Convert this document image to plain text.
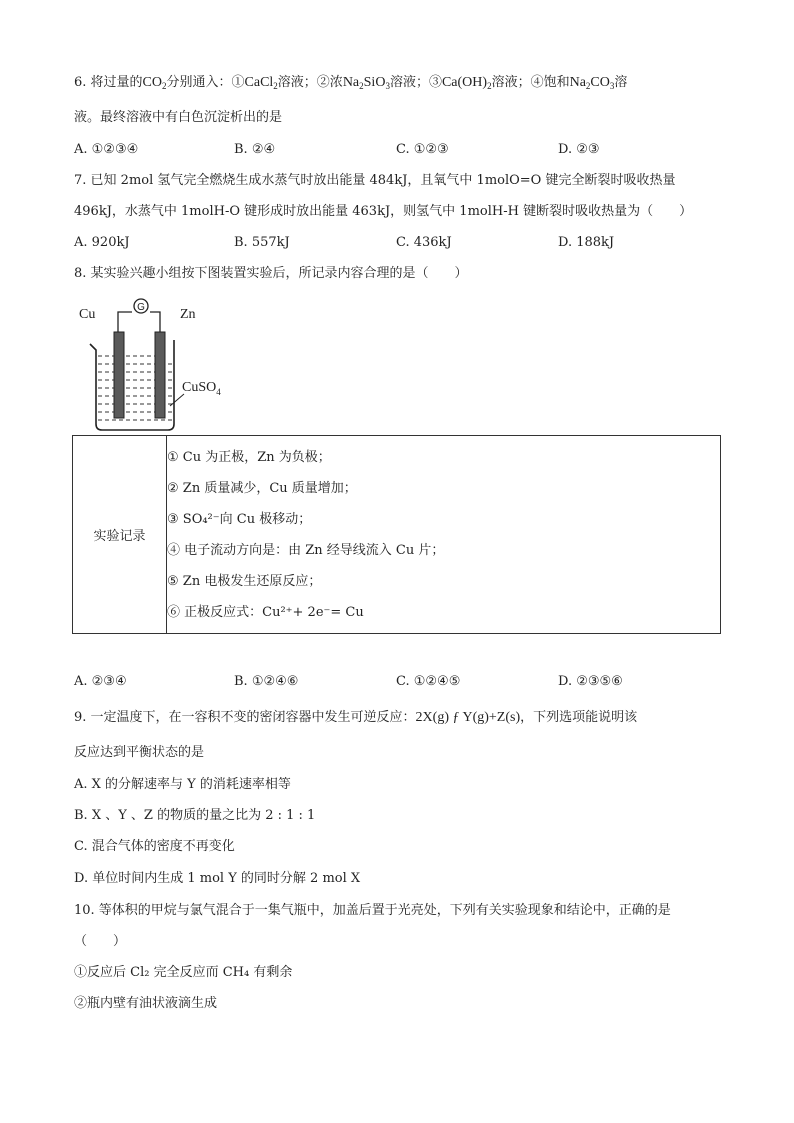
6. 将过量的$CO_2$分别通入：①CaCl$_2$溶液；②浓$Na_2SiO_3$溶液；$③Ca(OH)_2$溶液；④饱和$Na_2CO_3$溶
液。最终溶液中有白色沉淀析出的是
A. ①②③④	B. ②④	C. ①②③	D. ②③
7. 已知 2mol 氢气完全燃烧生成水蒸气时放出能量 484kJ，且氧气中 1molO=O 键完全断裂时吸收热量
496kJ，水蒸气中 1molH-O 键形成时放出能量 463kJ，则氢气中 1molH-H 键断裂时吸收热量为（　　）
A. 920kJ	B. 557kJ	C. 436kJ	D. 188kJ
8. 某实验兴趣小组按下图装置实验后，所记录内容合理的是（　　）
G
Cu	Zn
CuSO$_4$
实验记录	
① Cu 为正极，Zn 为负极；
② Zn 质量减少，Cu 质量增加；
③ SO₄²⁻向 Cu 极移动；
④ 电子流动方向是：由 Zn 经导线流入 Cu 片；
⑤ Zn 电极发生还原反应；
⑥ 正极反应式：Cu²⁺+ 2e⁻= Cu
A. ②③④	B. ①②④⑥	C. ①②④⑤	D. ②③⑤⑥
9. 一定温度下，在一容积不变的密闭容器中发生可逆反应：2X(g) ƒ Y(g)+Z(s)，下列选项能说明该
反应达到平衡状态的是
A. X 的分解速率与 Y 的消耗速率相等
B. X 、Y 、Z 的物质的量之比为 2 : 1 : 1
C. 混合气体的密度不再变化
D. 单位时间内生成 1 mol Y 的同时分解 2 mol X
10. 等体积的甲烷与氯气混合于一集气瓶中，加盖后置于光亮处，下列有关实验现象和结论中，正确的是
（　　）
①反应后 Cl₂ 完全反应而 CH₄ 有剩余
②瓶内壁有油状液滴生成
